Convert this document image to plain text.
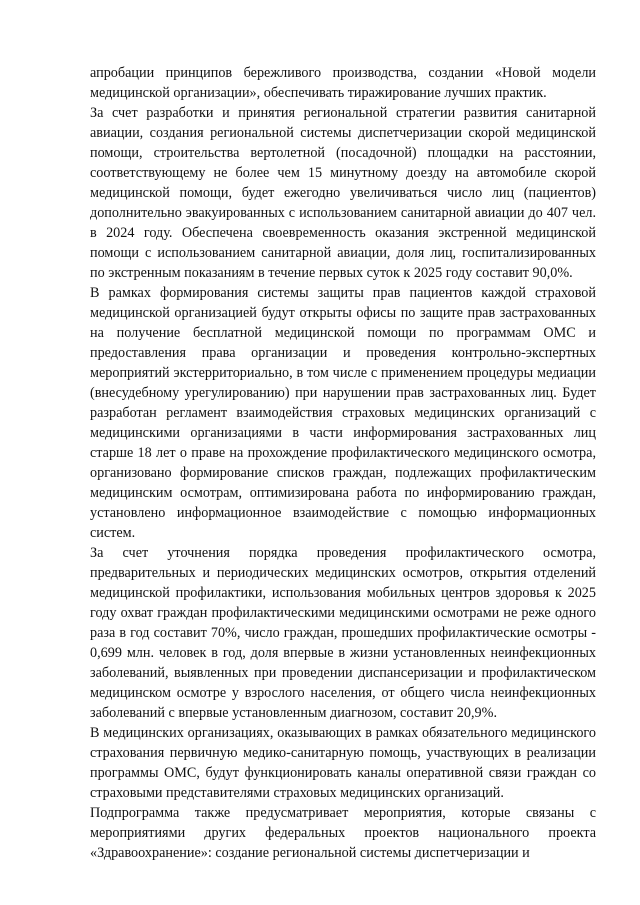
апробации принципов бережливого производства, создании «Новой модели медицинской организации», обеспечивать тиражирование лучших практик.

За счет разработки и принятия региональной стратегии развития санитарной авиации, создания региональной системы диспетчеризации скорой медицинской помощи, строительства вертолетной (посадочной) площадки на расстоянии, соответствующему не более чем 15 минутному доезду на автомобиле скорой медицинской помощи, будет ежегодно увеличиваться число лиц (пациентов) дополнительно эвакуированных с использованием санитарной авиации до 407 чел. в 2024 году. Обеспечена своевременность оказания экстренной медицинской помощи с использованием санитарной авиации, доля лиц, госпитализированных по экстренным показаниям в течение первых суток к 2025 году составит 90,0%.

В рамках формирования системы защиты прав пациентов каждой страховой медицинской организацией будут открыты офисы по защите прав застрахованных на получение бесплатной медицинской помощи по программам ОМС и предоставления права организации и проведения контрольно-экспертных мероприятий экстерриториально, в том числе с применением процедуры медиации (внесудебному урегулированию) при нарушении прав застрахованных лиц. Будет разработан регламент взаимодействия страховых медицинских организаций с медицинскими организациями в части информирования застрахованных лиц старше 18 лет о праве на прохождение профилактического медицинского осмотра, организовано формирование списков граждан, подлежащих профилактическим медицинским осмотрам, оптимизирована работа по информированию граждан, установлено информационное взаимодействие с помощью информационных систем.

За счет уточнения порядка проведения профилактического осмотра, предварительных и периодических медицинских осмотров, открытия отделений медицинской профилактики, использования мобильных центров здоровья к 2025 году охват граждан профилактическими медицинскими осмотрами не реже одного раза в год составит 70%, число граждан, прошедших профилактические осмотры - 0,699 млн. человек в год, доля впервые в жизни установленных неинфекционных заболеваний, выявленных при проведении диспансеризации и профилактическом медицинском осмотре у взрослого населения, от общего числа неинфекционных заболеваний с впервые установленным диагнозом, составит 20,9%.

В медицинских организациях, оказывающих в рамках обязательного медицинского страхования первичную медико-санитарную помощь, участвующих в реализации программы ОМС, будут функционировать каналы оперативной связи граждан со страховыми представителями страховых медицинских организаций.

Подпрограмма также предусматривает мероприятия, которые связаны с мероприятиями других федеральных проектов национального проекта «Здравоохранение»: создание региональной системы диспетчеризации и
